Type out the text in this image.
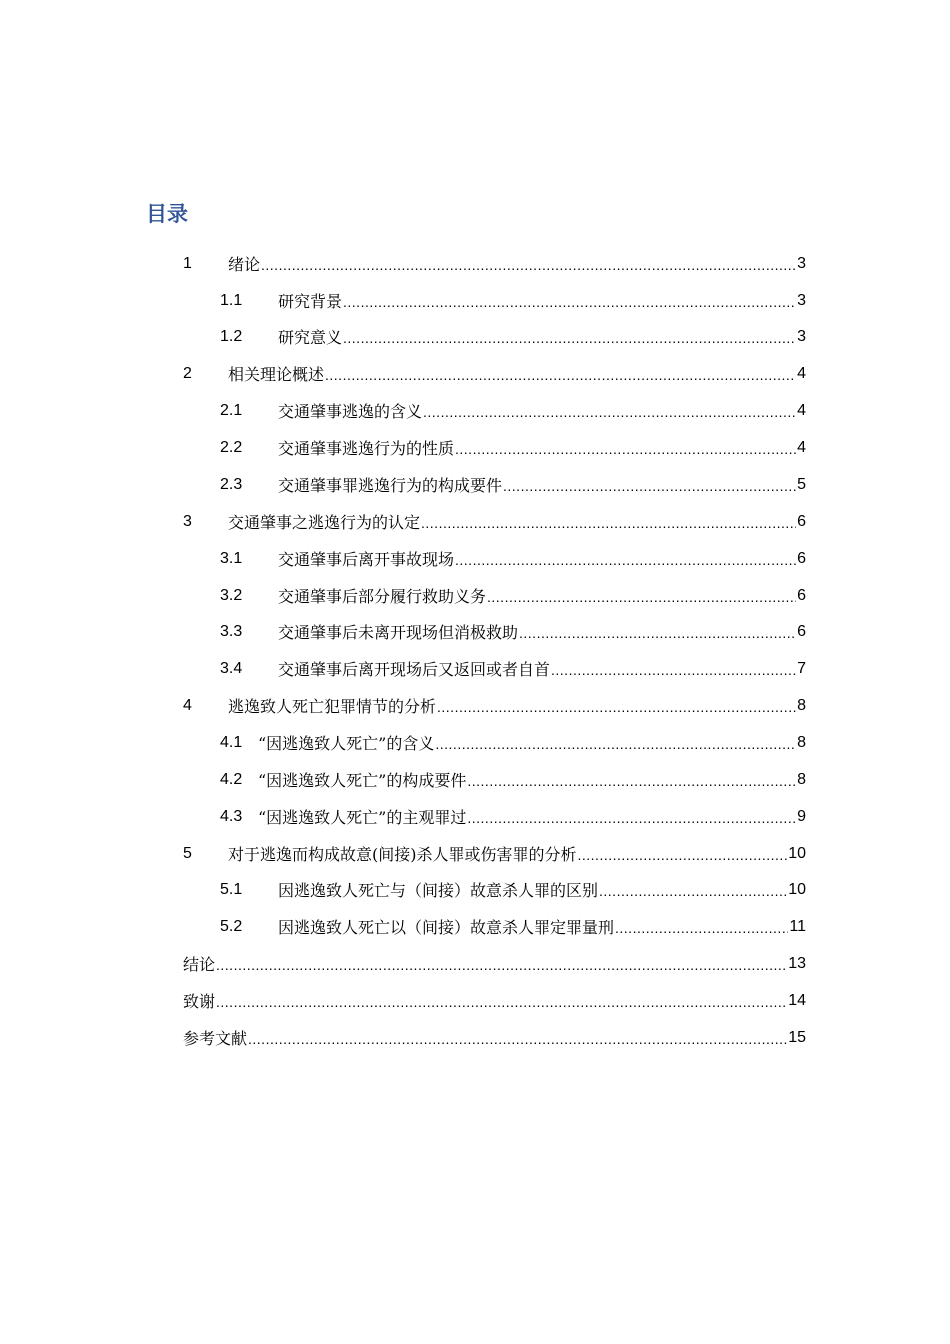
目录
1	绪论 .....	3
1.1	研究背景 .....	3
1.2	研究意义 .....	3
2	相关理论概述 .....	4
2.1	交通肇事逃逸的含义 .....	4
2.2	交通肇事逃逸行为的性质 .....	4
2.3	交通肇事罪逃逸行为的构成要件 .....	5
3	交通肇事之逃逸行为的认定 .....	6
3.1	交通肇事后离开事故现场 .....	6
3.2	交通肇事后部分履行救助义务 .....	6
3.3	交通肇事后未离开现场但消极救助 .....	6
3.4	交通肇事后离开现场后又返回或者自首 .....	7
4	逃逸致人死亡犯罪情节的分析 .....	8
4.1 “因逃逸致人死亡”的含义 .....	8
4.2 “因逃逸致人死亡”的构成要件 .....	8
4.3 “因逃逸致人死亡”的主观罪过 .....	9
5	对于逃逸而构成故意(间接)杀人罪或伤害罪的分析 .....	10
5.1	因逃逸致人死亡与（间接）故意杀人罪的区别 .....	10
5.2	因逃逸致人死亡以（间接）故意杀人罪定罪量刑 .....	11
结论 .....	13
致谢 .....	14
参考文献 .....	15
